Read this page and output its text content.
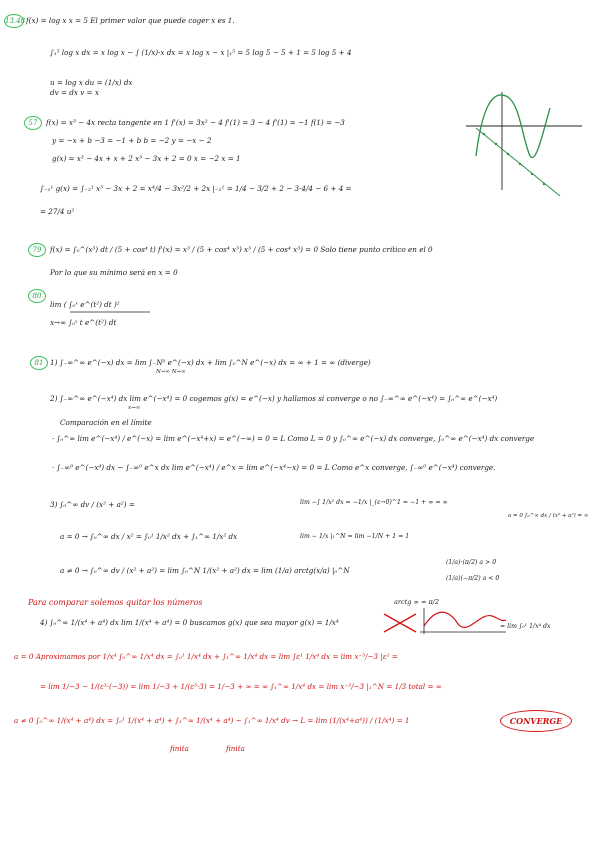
13.48 f(x) = log x x = 5 El primer valor que puede coger x es 1.
∫₁⁵ log x dx = x log x − ∫ (1/x)·x dx = x log x − x |₁⁵ = 5 log 5 − 5 + 1 = 5 log 5 + 4
u = log x du = (1/x) dx
dv = dx v = x
57	f(x) = x³ − 4x recta tangente en 1 f'(x) = 3x² − 4 f'(1) = 3 − 4 f'(1) = −1 f(1) = −3
y = −x + b −3 = −1 + b b = −2 y = −x − 2
g(x) = x³ − 4x + x + 2 x³ − 3x + 2 = 0 x = −2 x = 1
∫₋₂¹ g(x) = ∫₋₂¹ x³ − 3x + 2 = x⁴/4 − 3x²/2 + 2x |₋₂¹ = 1/4 − 3/2 + 2 − 3·4/4 − 6 + 4 =
= 27/4 u²
79	f(x) = ∫₀^(x³) dt / (5 + cos⁴ t) f'(x) = x³ / (5 + cos⁴ x³) x³ / (5 + cos⁴ x³) = 0 Solo tiene punto crítico en el 0
Por lo que su mínimo será en x = 0
80
lim ( ∫₀ˣ e^(t²) dt )²
x→∞ ∫₀ˣ t e^(t²) dt
81 1) ∫₋∞^∞ e^(−x) dx = lim ∫₋N⁰ e^(−x) dx + lim ∫₀^N e^(−x) dx = ∞ + 1 = ∞ (diverge)
N→∞ N→∞
2) ∫₋∞^∞ e^(−x⁴) dx lim e^(−x⁴) = 0 cogemos g(x) = e^(−x) y hallamos si converge o no ∫₋∞^∞ e^(−x⁴) = ∫₀^∞ e^(−x⁴)
x→∞
Comparación en el límite
· ∫₀^∞ lim e^(−x⁴) / e^(−x) = lim e^(−x⁴+x) = e^(−∞) = 0 = L Como L = 0 y ∫₀^∞ e^(−x) dx converge, ∫₀^∞ e^(−x⁴) dx converge
· ∫₋∞⁰ e^(−x⁴) dx ~ ∫₋∞⁰ e^x dx lim e^(−x⁴) / e^x = lim e^(−x⁴−x) = 0 = L Como e^x converge, ∫₋∞⁰ e^(−x⁴) converge.
3) ∫₀^∞ dv / (x² + a²) =	lim −∫ 1/x² dx = −1/x |_(ε→0)^1 = −1 + ∞ = ∞
a = 0 ∫₀^∞ dx / (x² + a²) = ∞
a = 0 → ∫₀^∞ dx / x² = ∫₀¹ 1/x² dx + ∫₁^∞ 1/x² dx	lim − 1/x |₁^N = lim −1/N + 1 = 1
a ≠ 0 → ∫₀^∞ dv / (x² + a²) = lim ∫₀^N 1/(x² + a²) dx = lim (1/a) arctg(x/a) |₀^N
(1/a)·(π/2) a > 0
(1/a)(−π/2) a < 0
Para comparar solemos quitar los números	arctg ∞ = π/2
4) ∫₀^∞ 1/(x⁴ + a⁴) dx lim 1/(x⁴ + a⁴) = 0 buscamos g(x) que sea mayor g(x) = 1/x⁴	= lim ∫₀¹ 1/x⁴ dx
a = 0 Aproximamos por 1/x⁴ ∫₀^∞ 1/x⁴ dx = ∫₀¹ 1/x⁴ dx + ∫₁^∞ 1/x⁴ dx = lim ∫ε¹ 1/x⁴ dx = lim x⁻³/−3 |ε¹ =
= lim 1/−3 − 1/(ε³·(−3)) = lim 1/−3 + 1/(ε³·3) = 1/−3 + ∞ = ∞ ∫₁^∞ 1/x⁴ dx = lim x⁻³/−3 |₁^N = 1/3 total = ∞
a ≠ 0 ∫₀^∞ 1/(x⁴ + a⁴) dx = ∫₀¹ 1/(x⁴ + a⁴) + ∫₁^∞ 1/(x⁴ + a⁴) ~ ∫₁^∞ 1/x⁴ dv → L = lim (1/(x⁴+a⁴)) / (1/x⁴) = 1
finita	finita
CONVERGE
